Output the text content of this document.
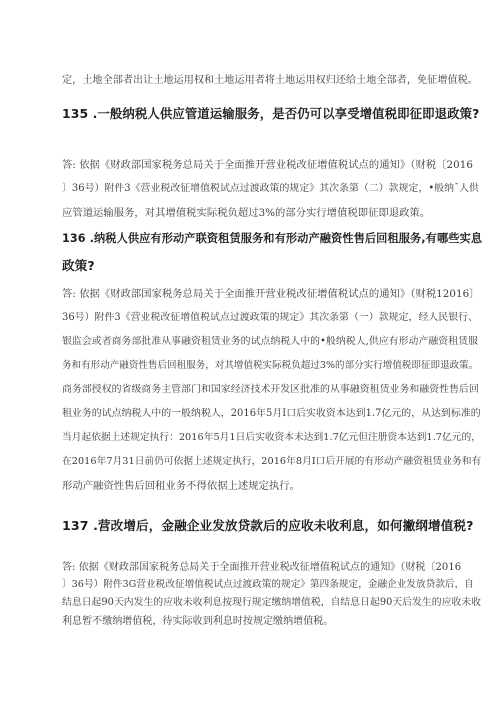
定，土地全部者出让土地运用权和土地运用者将土地运用权归还给土地全部者，免征增值税。
135 .一般纳税人供应管道运输服务，是否仍可以享受增值税即征即退政策?
答: 依据《财政部国家税务总局关于全面推开营业税改征增值税试点的通知》（财税〔2016
〕36号）附件3《营业税改征增值税试点过渡政策的规定》其次条第（二）款规定，•般纳ˉ人供
应管道运输服务，对其增值税实际税负超过3%的部分实行增值税即征即退政策。
136 .纳税人供应有形动产联资租赁服务和有形动产融资性售后回租服务,有哪些实息
政策?
答: 依据《财政部国家税务总局关于全面推开营业税改征增值税试点的通知》（财税12016〕
36号）附件3《营业税改征增值税试点过渡政策的规定》其次条第（一）款规定，经人民银行、
银监会或者商务部批准从事融资租赁业务的试点纳税人中的•般纳税人,供应有形动产融资租赁服
务和有形动产融资性售后回租服务，对其增值税实际税负超过3%的部分实行增值税即征即退政策。
商务部授权的省级商务主管部门和国家经济技术开发区批准的从事融资租赁业务和融资性售后回
租业务的试点纳税人中的一般纳税人，2016年5月I口后实收资本达到1.7亿元的，从达到标准的
当月起依据上述规定执行：2016年5月1日后实收资本未达到1.7亿元但注册资本达到1.7亿元的，
在2016年7月31日前仍可依据上述规定执行，2016年8月I口后开展的有形动产融资租赁业务和有
形动产融资性售后回租业务不得依据上述规定执行。
137 .营改增后，金融企业发放贷款后的应收未收利息，如何撇纲增值税?
答: 依据《财政部国家税务总局关于全面推开营业税改征增值税试点的通知》（财税〔2016
〕36号）附件3G营业税改征增值税试点过渡政策的规定》第四条规定，金融企业发放贷款后，自
结息日起90天内发生的应收未收利息按现行规定缴纳增值税，自结息日起90天后发生的应收未收
利息暂不缴纳增值税，待实际收到利息时按规定缴纳增值税。
